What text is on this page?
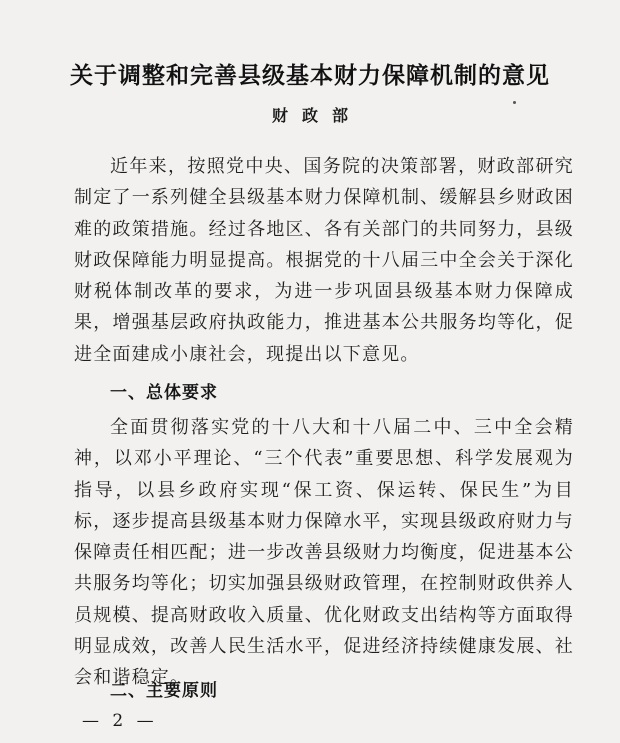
关于调整和完善县级基本财力保障机制的意见
财政部

近年来，按照党中央、国务院的决策部署，财政部研究制定了一系列健全县级基本财力保障机制、缓解县乡财政困难的政策措施。经过各地区、各有关部门的共同努力，县级财政保障能力明显提高。根据党的十八届三中全会关于深化财税体制改革的要求，为进一步巩固县级基本财力保障成果，增强基层政府执政能力，推进基本公共服务均等化，促进全面建成小康社会，现提出以下意见。

一、总体要求

全面贯彻落实党的十八大和十八届二中、三中全会精神，以邓小平理论、“三个代表”重要思想、科学发展观为指导，以县乡政府实现“保工资、保运转、保民生”为目标，逐步提高县级基本财力保障水平，实现县级政府财力与保障责任相匹配；进一步改善县级财力均衡度，促进基本公共服务均等化；切实加强县级财政管理，在控制财政供养人员规模、提高财政收入质量、优化财政支出结构等方面取得明显成效，改善人民生活水平，促进经济持续健康发展、社会和谐稳定。

二、主要原则
— 2 —
